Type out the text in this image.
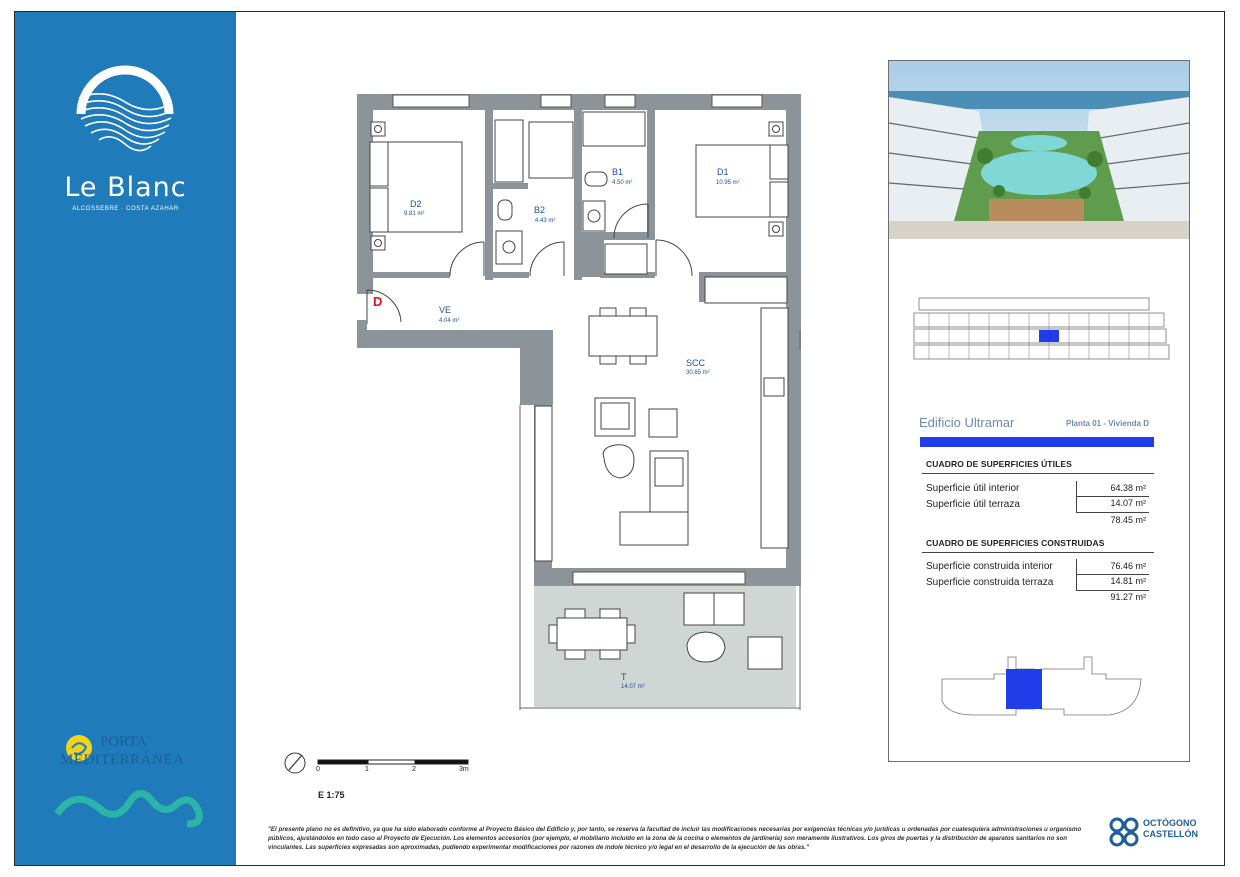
Le Blanc
ALCOSSEBRE · COSTA AZAHAR
PORTA
MEDITERRÁNEA
D2
9.81 m²	B2
4.43 m²
B1
4.50 m²
D1
10.95 m²
VE
4.04 m²
SCC
30.65 m²
T
14.07 m²
D
0	1	2	3m
E 1:75
Edificio Ultramar	Planta 01 - Vivienda D
CUADRO DE SUPERFICIES ÚTILES
Superficie útil interior	64.38 m²
Superficie útil terraza	14.07 m²
78.45 m²
CUADRO DE SUPERFICIES CONSTRUIDAS
Superficie construida interior	76.46 m²
Superficie construida terraza	14.81 m²
91.27 m²
"El presente plano no es definitivo, ya que ha sido elaborado conforme al Proyecto Básico del Edificio y, por tanto, se reserva la facultad de incluir las modificaciones necesarias por exigencias técnicas y/o jurídicas u ordenadas por cualesquiera administraciones u organismo públicos, ajustándolos en todo caso al Proyecto de Ejecución. Los elementos accesorios (por ejemplo, el mobiliario incluido en la zona de la cocina o elementos de jardinería) son meramente ilustrativos. Los giros de puertas y la distribución de aparatos sanitarios no son vinculantes. Las superficies expresadas son aproximadas, pudiendo experimentar modificaciones por razones de índole técnico y/o legal en el desarrollo de la ejecución de las obras."
OCTÓGONO
CASTELLÓN
